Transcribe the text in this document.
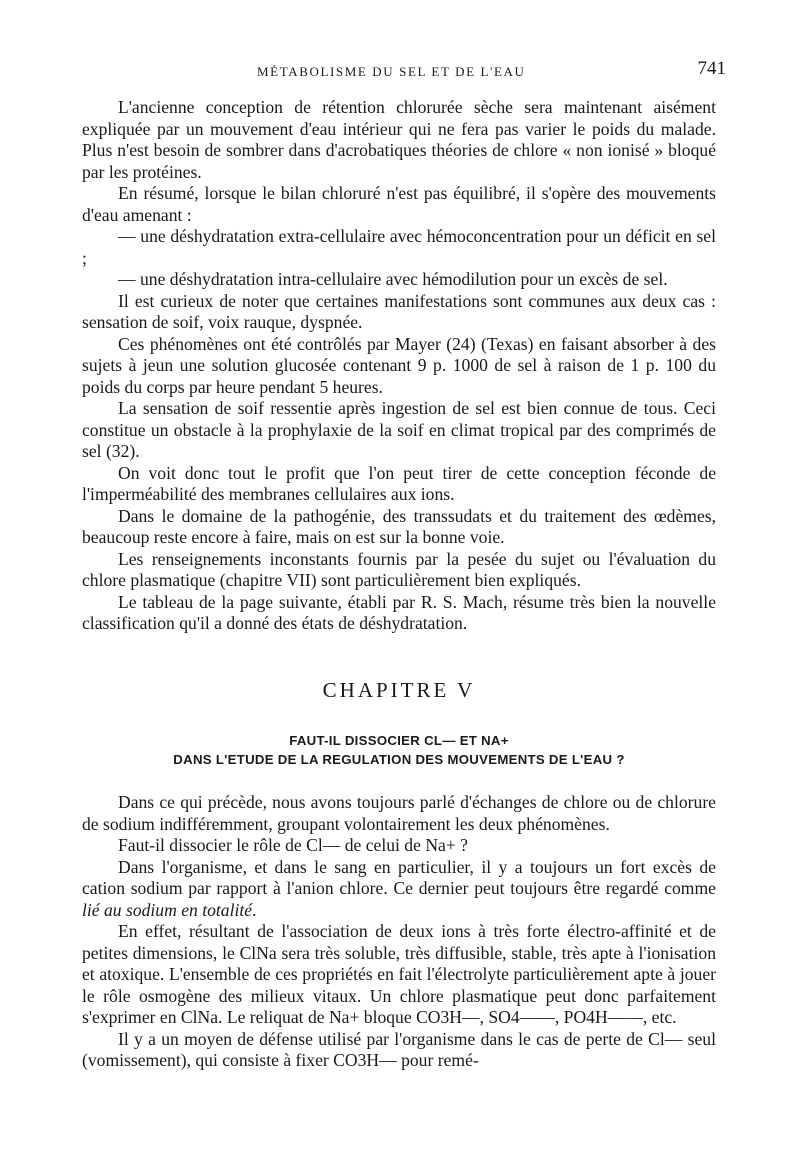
MÉTABOLISME DU SEL ET DE L'EAU	741

L'ancienne conception de rétention chlorurée sèche sera maintenant aisément expliquée par un mouvement d'eau intérieur qui ne fera pas varier le poids du malade. Plus n'est besoin de sombrer dans d'acrobatiques théories de chlore « non ionisé » bloqué par les protéines.

En résumé, lorsque le bilan chloruré n'est pas équilibré, il s'opère des mouvements d'eau amenant :

— une déshydratation extra-cellulaire avec hémoconcentration pour un déficit en sel ;

— une déshydratation intra-cellulaire avec hémodilution pour un excès de sel.

Il est curieux de noter que certaines manifestations sont communes aux deux cas : sensation de soif, voix rauque, dyspnée.

Ces phénomènes ont été contrôlés par Mayer (24) (Texas) en faisant absorber à des sujets à jeun une solution glucosée contenant 9 p. 1000 de sel à raison de 1 p. 100 du poids du corps par heure pendant 5 heures.

La sensation de soif ressentie après ingestion de sel est bien connue de tous. Ceci constitue un obstacle à la prophylaxie de la soif en climat tropical par des comprimés de sel (32).

On voit donc tout le profit que l'on peut tirer de cette conception féconde de l'imperméabilité des membranes cellulaires aux ions.

Dans le domaine de la pathogénie, des transsudats et du traitement des œdèmes, beaucoup reste encore à faire, mais on est sur la bonne voie.

Les renseignements inconstants fournis par la pesée du sujet ou l'évaluation du chlore plasmatique (chapitre VII) sont particulièrement bien expliqués.

Le tableau de la page suivante, établi par R. S. Mach, résume très bien la nouvelle classification qu'il a donné des états de déshydratation.

CHAPITRE V
FAUT-IL DISSOCIER CL— ET NA+
DANS L'ETUDE DE LA REGULATION DES MOUVEMENTS DE L'EAU ?

Dans ce qui précède, nous avons toujours parlé d'échanges de chlore ou de chlorure de sodium indifféremment, groupant volontairement les deux phénomènes.

Faut-il dissocier le rôle de Cl— de celui de Na+ ?

Dans l'organisme, et dans le sang en particulier, il y a toujours un fort excès de cation sodium par rapport à l'anion chlore. Ce dernier peut toujours être regardé comme lié au sodium en totalité.

En effet, résultant de l'association de deux ions à très forte électro-affinité et de petites dimensions, le ClNa sera très soluble, très diffusible, stable, très apte à l'ionisation et atoxique. L'ensemble de ces propriétés en fait l'électrolyte particulièrement apte à jouer le rôle osmogène des milieux vitaux. Un chlore plasmatique peut donc parfaitement s'exprimer en ClNa. Le reliquat de Na+ bloque CO3H—, SO4——, PO4H——, etc.

Il y a un moyen de défense utilisé par l'organisme dans le cas de perte de Cl— seul (vomissement), qui consiste à fixer CO3H— pour remé-
